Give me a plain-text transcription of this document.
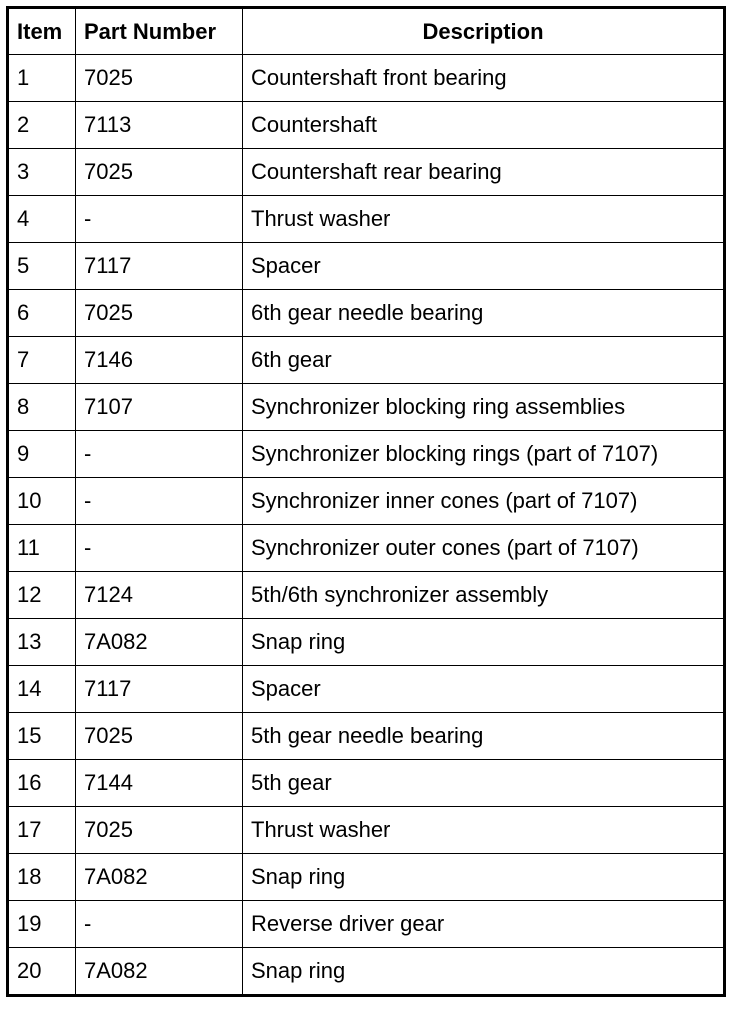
Item	Part Number	Description
1	7025	Countershaft front bearing
2	7113	Countershaft
3	7025	Countershaft rear bearing
4	-	Thrust washer
5	7117	Spacer
6	7025	6th gear needle bearing
7	7146	6th gear
8	7107	Synchronizer blocking ring assemblies
9	-	Synchronizer blocking rings (part of 7107)
10	-	Synchronizer inner cones (part of 7107)
11	-	Synchronizer outer cones (part of 7107)
12	7124	5th/6th synchronizer assembly
13	7A082	Snap ring
14	7117	Spacer
15	7025	5th gear needle bearing
16	7144	5th gear
17	7025	Thrust washer
18	7A082	Snap ring
19	-	Reverse driver gear
20	7A082	Snap ring
